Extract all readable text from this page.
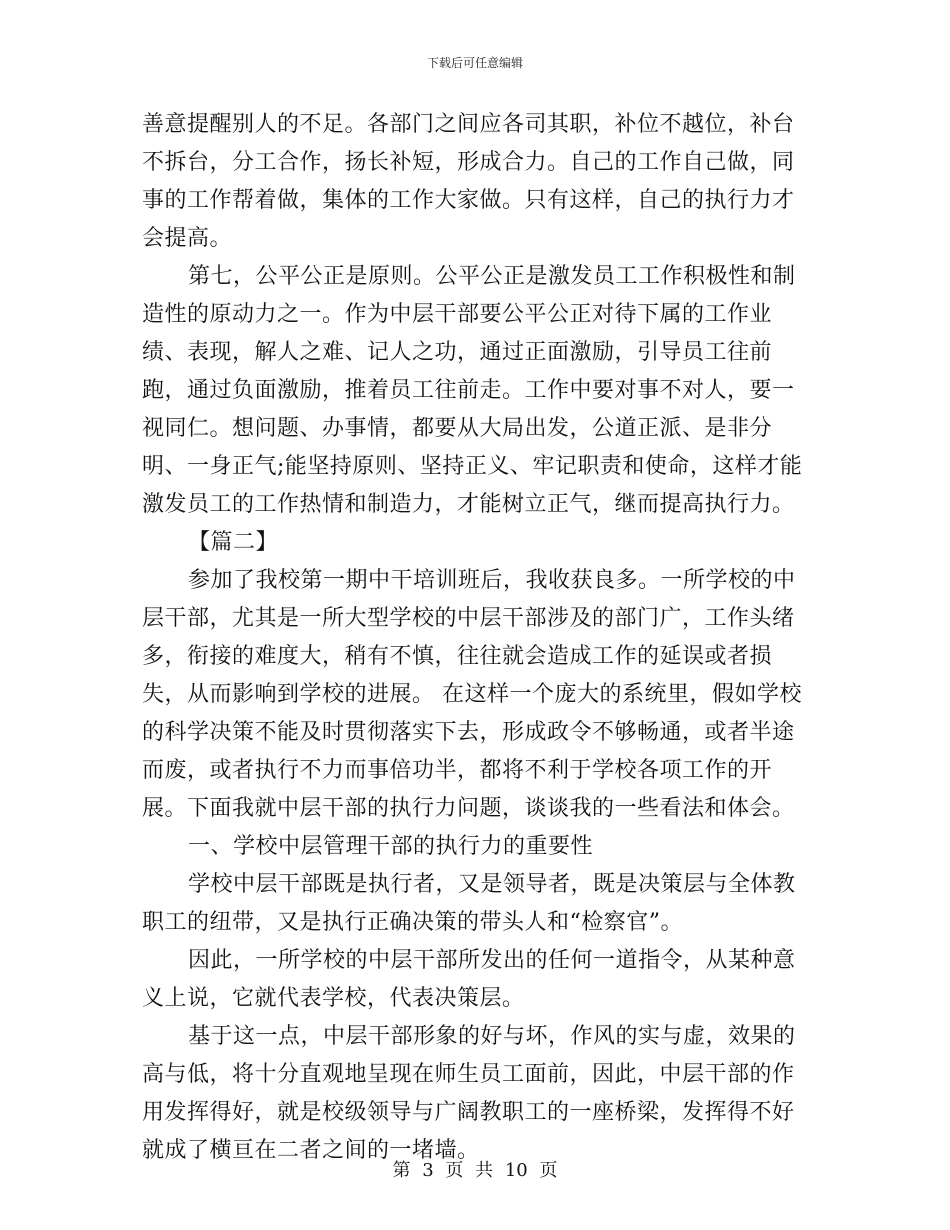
下载后可任意编辑

善意提醒别人的不足。各部门之间应各司其职，补位不越位，补台不拆台，分工合作，扬长补短，形成合力。自己的工作自己做，同事的工作帮着做，集体的工作大家做。只有这样，自己的执行力才会提高。

第七，公平公正是原则。公平公正是激发员工工作积极性和制造性的原动力之一。作为中层干部要公平公正对待下属的工作业绩、表现，解人之难、记人之功，通过正面激励，引导员工往前跑，通过负面激励，推着员工往前走。工作中要对事不对人，要一视同仁。想问题、办事情，都要从大局出发，公道正派、是非分明、一身正气;能坚持原则、坚持正义、牢记职责和使命，这样才能激发员工的工作热情和制造力，才能树立正气，继而提高执行力。

【篇二】

参加了我校第一期中干培训班后，我收获良多。一所学校的中层干部，尤其是一所大型学校的中层干部涉及的部门广，工作头绪多，衔接的难度大，稍有不慎，往往就会造成工作的延误或者损失，从而影响到学校的进展。 在这样一个庞大的系统里，假如学校的科学决策不能及时贯彻落实下去，形成政令不够畅通，或者半途而废，或者执行不力而事倍功半，都将不利于学校各项工作的开展。下面我就中层干部的执行力问题，谈谈我的一些看法和体会。

一、学校中层管理干部的执行力的重要性

学校中层干部既是执行者，又是领导者，既是决策层与全体教职工的纽带，又是执行正确决策的带头人和“检察官”。

因此，一所学校的中层干部所发出的任何一道指令，从某种意义上说，它就代表学校，代表决策层。

基于这一点，中层干部形象的好与坏，作风的实与虚，效果的高与低，将十分直观地呈现在师生员工面前，因此，中层干部的作用发挥得好，就是校级领导与广阔教职工的一座桥梁，发挥得不好就成了横亘在二者之间的一堵墙。

第 3 页 共 10 页
